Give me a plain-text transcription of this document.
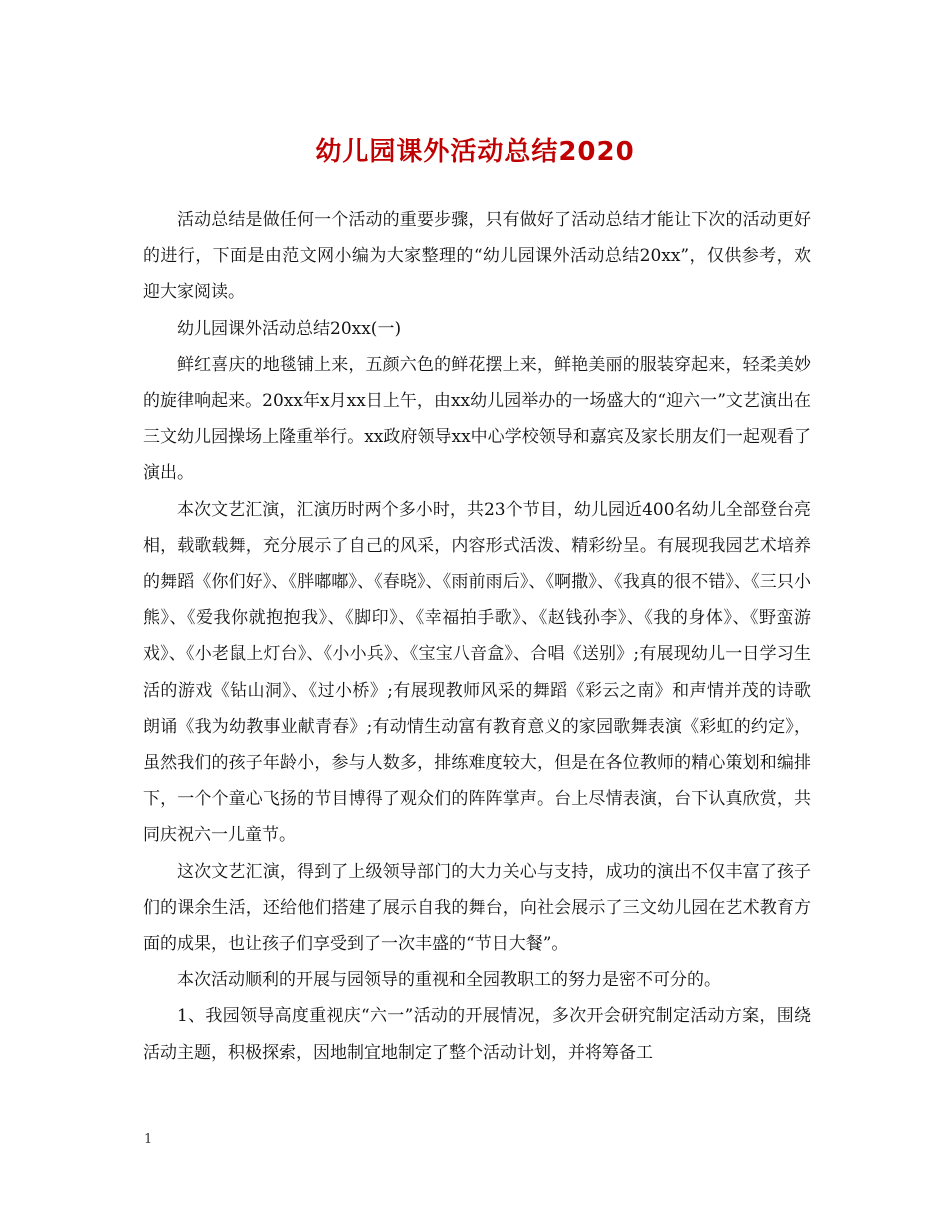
幼儿园课外活动总结2020

活动总结是做任何一个活动的重要步骤，只有做好了活动总结才能让下次的活动更好的进行，下面是由范文网小编为大家整理的“幼儿园课外活动总结20xx”，仅供参考，欢迎大家阅读。

幼儿园课外活动总结20xx(一)

鲜红喜庆的地毯铺上来，五颜六色的鲜花摆上来，鲜艳美丽的服装穿起来，轻柔美妙的旋律响起来。20xx年x月xx日上午，由xx幼儿园举办的一场盛大的“迎六一”文艺演出在三文幼儿园操场上隆重举行。xx政府领导xx中心学校领导和嘉宾及家长朋友们一起观看了演出。

本次文艺汇演，汇演历时两个多小时，共23个节目，幼儿园近400名幼儿全部登台亮相，载歌载舞，充分展示了自己的风采，内容形式活泼、精彩纷呈。有展现我园艺术培养的舞蹈《你们好》、《胖嘟嘟》、《春晓》、《雨前雨后》、《啊撒》、《我真的很不错》、《三只小熊》、《爱我你就抱抱我》、《脚印》、《幸福拍手歌》、《赵钱孙李》、《我的身体》、《野蛮游戏》、《小老鼠上灯台》、《小小兵》、《宝宝八音盒》、合唱《送别》;有展现幼儿一日学习生活的游戏《钻山洞》、《过小桥》;有展现教师风采的舞蹈《彩云之南》和声情并茂的诗歌朗诵《我为幼教事业献青春》;有动情生动富有教育意义的家园歌舞表演《彩虹的约定》，虽然我们的孩子年龄小，参与人数多，排练难度较大，但是在各位教师的精心策划和编排下，一个个童心飞扬的节目博得了观众们的阵阵掌声。台上尽情表演，台下认真欣赏，共同庆祝六一儿童节。

这次文艺汇演，得到了上级领导部门的大力关心与支持，成功的演出不仅丰富了孩子们的课余生活，还给他们搭建了展示自我的舞台，向社会展示了三文幼儿园在艺术教育方面的成果，也让孩子们享受到了一次丰盛的“节日大餐”。

本次活动顺利的开展与园领导的重视和全园教职工的努力是密不可分的。

1、我园领导高度重视庆“六一”活动的开展情况，多次开会研究制定活动方案，围绕活动主题，积极探索，因地制宜地制定了整个活动计划，并将筹备工

1
